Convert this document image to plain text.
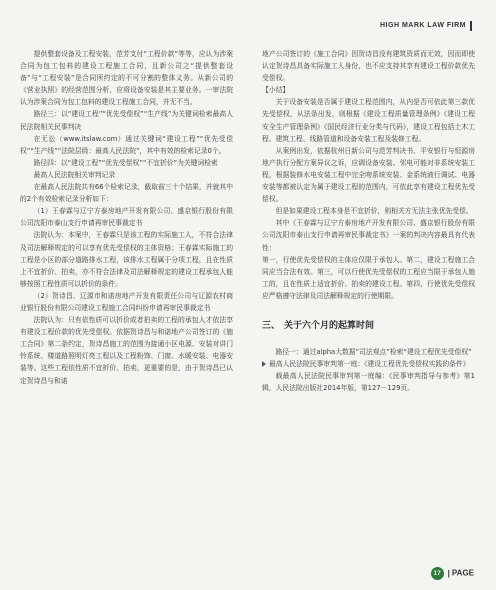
HIGH MARK LAW FIRM

提供整套设备及工程安装，范芳支付“工程价款”等等，应认为涉案合同为包工包料的建设工程施工合同，且新公司之“提供整套设备”与“工程安装”是合同所约定的不可分割的整体义务。从新公司的《营业执照》的经营范围分析，应将设备安装是其主要业务。一审法院认为涉案合同为包工包料的建设工程施工合同，并无不当。

路径三：以“建设工程”“优先受偿权”“生产线”为关键词检索最高人民法院相关民事判决

在无讼（www.itslaw.com）通过关键词“建设工程”“优先受偿权”“生产线”“法院层级：最高人民法院”，其中有效的检索记录0个。

路径四：以“建设工程”“优先受偿权”“不宜折价”为关键词检索

最高人民法院相关审判记录

在最高人民法院共有66个检索记录，截取前三十个结果，并就其中的2个有效检索记录分析如下：

（1）王春霖与辽宁方泰房地产开发有限公司、盛京银行股份有限公司沈阳市泰山支行申请再审民事裁定书

法院认为：本案中，王春霖只是该工程的实际施工人，不符合法律及司法解释规定的可以享有优先受偿权的主体资格；王春霖实际施工的工程是小区的部分道路排水工程，该排水工程属于分项工程，且在性质上不宜折价、拍卖，亦不符合法律及司法解释规定的建设工程承包人能够按照工程性质可以折价的条件。

（2）贺诗昌、辽源市和诺房地产开发有限责任公司与辽源农村商业银行股份有限公司建设工程施工合同纠纷申请再审民事裁定书

法院认为：只有依性质可以折价或者拍卖的工程的承包人才依法享有建设工程价款的优先受偿权。依据贺诗昌与和诺地产公司签订的《施工合同》第二条约定，贺诗昌施工的范围为接通小区电源、安装对讲门铃系统、楼道路照明灯亮工程以及工程粉饰、门窗、水暖安装、电器安装等。这些工程依性质不宜折价、拍卖，更重要的是，由于贺诗昌已认定贺诗昌与和诺

地产公司签订的《施工合同》因贺诗昌没有建筑资质而无效，因而即使认定贺诗昌具备实际施工人身份，也不应支持其享有建设工程价款优先受偿权。

【小结】

关于设备安装是否属于建设工程范围内，从内是否可依此第三款优先受偿权，从法条出发，则根据《建设工程质量管理条例》《建设工程安全生产管理条例》《国民经济行业分类与代码》，建设工程包括土木工程、建筑工程、线路管道和设备安装工程及装修工程。

从案例出发，依据杭州日新公司与范芳判决书、平安银行与恒源房地产执行分配方案异议之诉，应调设备安装、邻电可能对非系统安装工程，根据装修水电安装工程中完全吻系统安装、金系统液行调试、电器安装等都被认定为属于建设工程的范围内，可依此享有建设工程优先受偿权。

但是如果建设工程本身是不宜折价，则相关方无法主张优先受偿。

其中《王春霖与辽宁方泰房地产开发有限公司、盛京银行股份有限公司沈阳市泰山支行申请再审民事裁定书》一案的判决内容最具有代表性：

第一，行使优先受偿权的主体应仅限于承包人。第二，建设工程施工合同应当合法有效。第三，可以行使优先受偿权的工程应当限于承包人施工的，且在性质上适宜折价、拍卖的建设工程。第四，行使优先受偿权应严格遵守法律及司法解释规定的行使期限。

三、 关于六个月的起算时间

路径一：通过alpha大数据“司法观点”检索“建设工程优先受偿权”

最高人民法院民事审判第一庭：《建设工程优先受偿权实践的条件》

载最高人民法院民事审判第一庭编：《民事审判指导与参考》第1辑，人民法院出版社2014年版，第127－129页。

17 | PAGE
